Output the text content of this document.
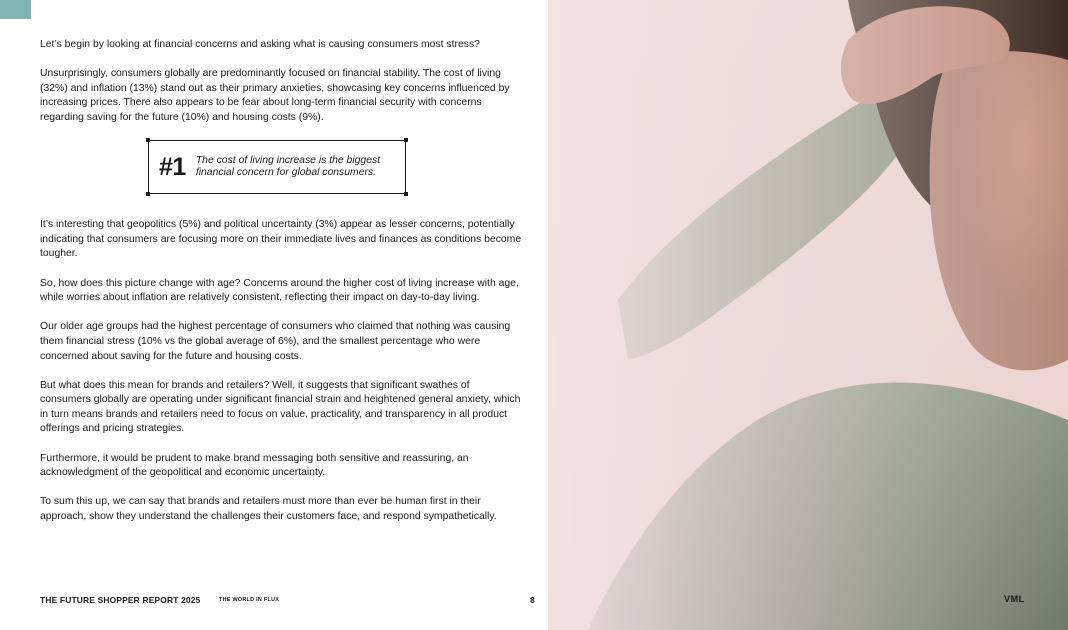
Let’s begin by looking at financial concerns and asking what is causing consumers most stress?

Unsurprisingly, consumers globally are predominantly focused on financial stability. The cost of living (32%) and inflation (13%) stand out as their primary anxieties, showcasing key concerns influenced by increasing prices. There also appears to be fear about long-term financial security with concerns regarding saving for the future (10%) and housing costs (9%).

#1 The cost of living increase is the biggest financial concern for global consumers.

It’s interesting that geopolitics (5%) and political uncertainty (3%) appear as lesser concerns, potentially indicating that consumers are focusing more on their immediate lives and finances as conditions become tougher.

So, how does this picture change with age? Concerns around the higher cost of living increase with age, while worries about inflation are relatively consistent, reflecting their impact on day-to-day living.

Our older age groups had the highest percentage of consumers who claimed that nothing was causing them financial stress (10% vs the global average of 6%), and the smallest percentage who were concerned about saving for the future and housing costs.

But what does this mean for brands and retailers? Well, it suggests that significant swathes of consumers globally are operating under significant financial strain and heightened general anxiety, which in turn means brands and retailers need to focus on value, practicality, and transparency in all product offerings and pricing strategies.

Furthermore, it would be prudent to make brand messaging both sensitive and reassuring, an acknowledgment of the geopolitical and economic uncertainty.

To sum this up, we can say that brands and retailers must more than ever be human first in their approach, show they understand the challenges their customers face, and respond sympathetically.

THE FUTURE SHOPPER REPORT 2025	THE WORLD IN FLUX	8	VML
